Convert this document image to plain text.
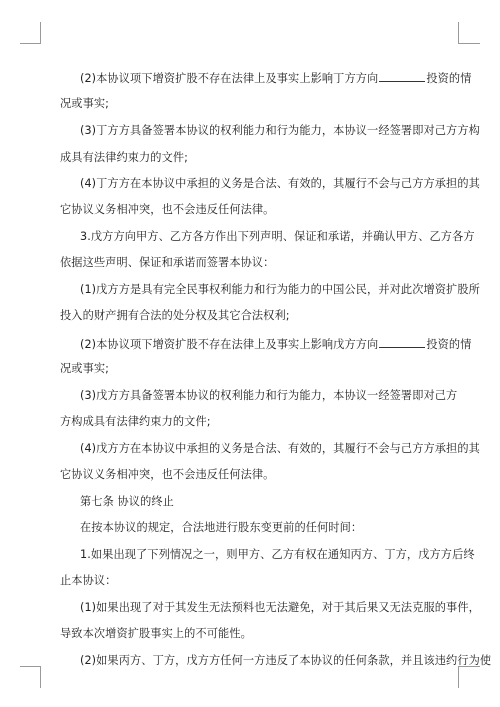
(2)本协议项下增资扩股不存在法律上及事实上影响丁方方向	投资的情
况或事实;
(3)丁方方具备签署本协议的权利能力和行为能力，本协议一经签署即对己方方构
成具有法律约束力的文件;
(4)丁方方在本协议中承担的义务是合法、有效的，其履行不会与己方方承担的其
它协议义务相冲突，也不会违反任何法律。
3.戊方方向甲方、乙方各方作出下列声明、保证和承诺，并确认甲方、乙方各方
依据这些声明、保证和承诺而签署本协议：
(1)戊方方是具有完全民事权利能力和行为能力的中国公民，并对此次增资扩股所
投入的财产拥有合法的处分权及其它合法权利;
(2)本协议项下增资扩股不存在法律上及事实上影响戊方方向	投资的情
况或事实;
(3)戊方方具备签署本协议的权利能力和行为能力，本协议一经签署即对己方
方构成具有法律约束力的文件;
(4)戊方方在本协议中承担的义务是合法、有效的，其履行不会与己方方承担的其
它协议义务相冲突，也不会违反任何法律。
第七条 协议的终止
在按本协议的规定，合法地进行股东变更前的任何时间：
1.如果出现了下列情况之一，则甲方、乙方有权在通知丙方、丁方，戊方方后终
止本协议：
(1)如果出现了对于其发生无法预料也无法避免，对于其后果又无法克服的事件，
导致本次增资扩股事实上的不可能性。
(2)如果丙方、丁方，戊方方任何一方违反了本协议的任何条款，并且该违约行为使
